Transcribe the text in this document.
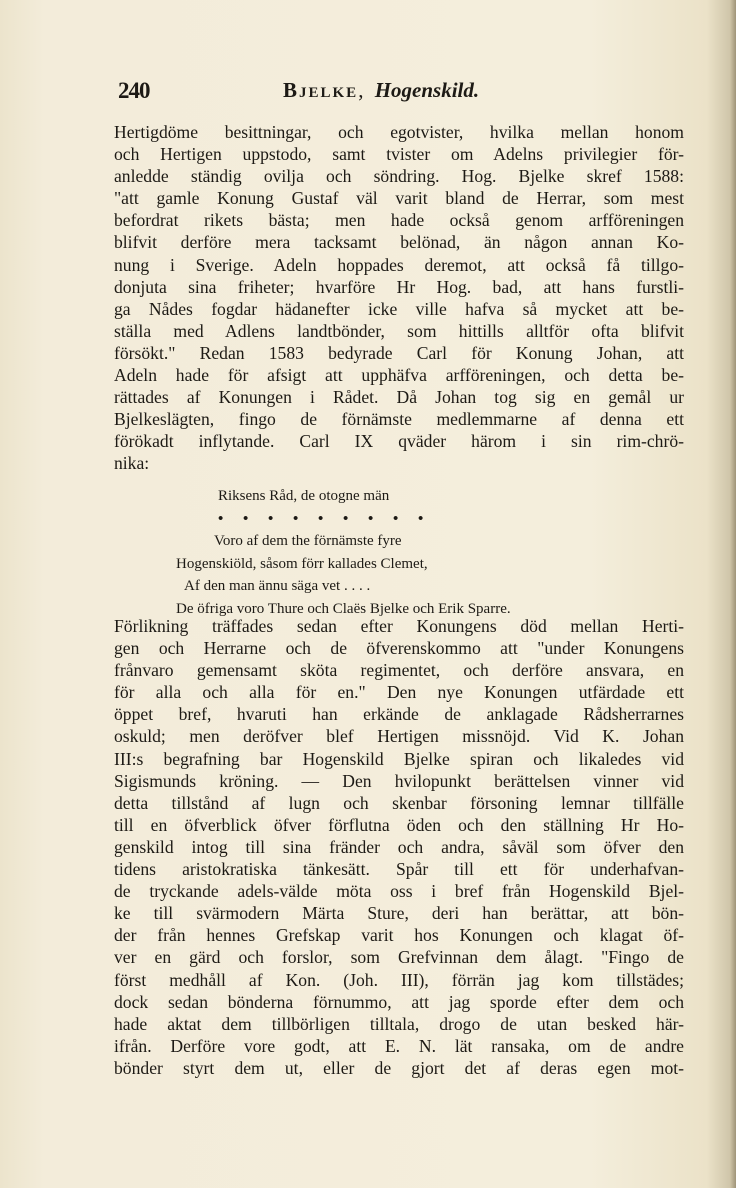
240	Bjelke, Hogenskild.
Hertigdöme besittningar, och egotvister, hvilka mellan honom
och Hertigen uppstodo, samt tvister om Adelns privilegier för-
anledde ständig ovilja och söndring. Hog. Bjelke skref 1588:
"att gamle Konung Gustaf väl varit bland de Herrar, som mest
befordrat rikets bästa; men hade också genom arfföreningen
blifvit derföre mera tacksamt belönad, än någon annan Ko-
nung i Sverige. Adeln hoppades deremot, att också få tillgo-
donjuta sina friheter; hvarföre Hr Hog. bad, att hans furstli-
ga Nådes fogdar hädanefter icke ville hafva så mycket att be-
ställa med Adlens landtbönder, som hittills alltför ofta blifvit
försökt." Redan 1583 bedyrade Carl för Konung Johan, att
Adeln hade för afsigt att upphäfva arfföreningen, och detta be-
rättades af Konungen i Rådet. Då Johan tog sig en gemål ur
Bjelkeslägten, fingo de förnämste medlemmarne af denna ett
förökadt inflytande. Carl IX qväder härom i sin rim-chrö-
nika:
Riksens Råd, de otogne män
• • • • • • • • •
Voro af dem the förnämste fyre
Hogenskiöld, såsom förr kallades Clemet,
Af den man ännu säga vet . . . .
De öfriga voro Thure och Claës Bjelke och Erik Sparre.
Förlikning träffades sedan efter Konungens död mellan Herti-
gen och Herrarne och de öfverenskommo att "under Konungens
frånvaro gemensamt sköta regimentet, och derföre ansvara, en
för alla och alla för en." Den nye Konungen utfärdade ett
öppet bref, hvaruti han erkände de anklagade Rådsherrarnes
oskuld; men deröfver blef Hertigen missnöjd. Vid K. Johan
III:s begrafning bar Hogenskild Bjelke spiran och likaledes vid
Sigismunds kröning. — Den hvilopunkt berättelsen vinner vid
detta tillstånd af lugn och skenbar försoning lemnar tillfälle
till en öfverblick öfver förflutna öden och den ställning Hr Ho-
genskild intog till sina fränder och andra, såväl som öfver den
tidens aristokratiska tänkesätt. Spår till ett för underhafvan-
de tryckande adels-välde möta oss i bref från Hogenskild Bjel-
ke till svärmodern Märta Sture, deri han berättar, att bön-
der från hennes Grefskap varit hos Konungen och klagat öf-
ver en gärd och forslor, som Grefvinnan dem ålagt. "Fingo de
först medhåll af Kon. (Joh. III), förrän jag kom tillstädes;
dock sedan bönderna förnummo, att jag sporde efter dem och
hade aktat dem tillbörligen tilltala, drogo de utan besked här-
ifrån. Derföre vore godt, att E. N. lät ransaka, om de andre
bönder styrt dem ut, eller de gjort det af deras egen mot-
